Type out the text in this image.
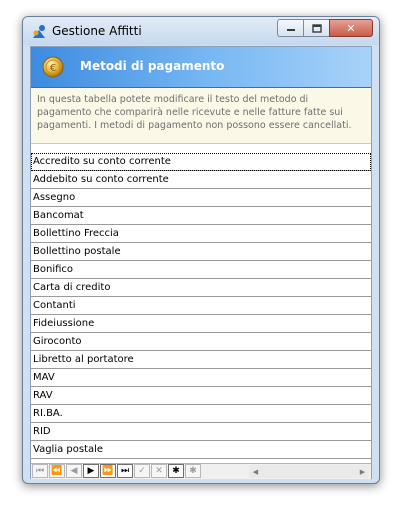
Gestione Affitti	✕
€ Metodi di pagamento
In questa tabella potete modificare il testo del metodo di pagamento che comparirà nelle ricevute e nelle fatture fatte sui pagamenti. I metodi di pagamento non possono essere cancellati.
Accredito su conto corrente
Addebito su conto corrente
Assegno
Bancomat
Bollettino Freccia
Bollettino postale
Bonifico
Carta di credito
Contanti
Fideiussione
Giroconto
Libretto al portatore
MAV
RAV
RI.BA.
RID
Vaglia postale
⏮ ⏪ ◀ ▶ ⏩ ⏭ ✓ ✕ ✱ ✱	◀	▶
